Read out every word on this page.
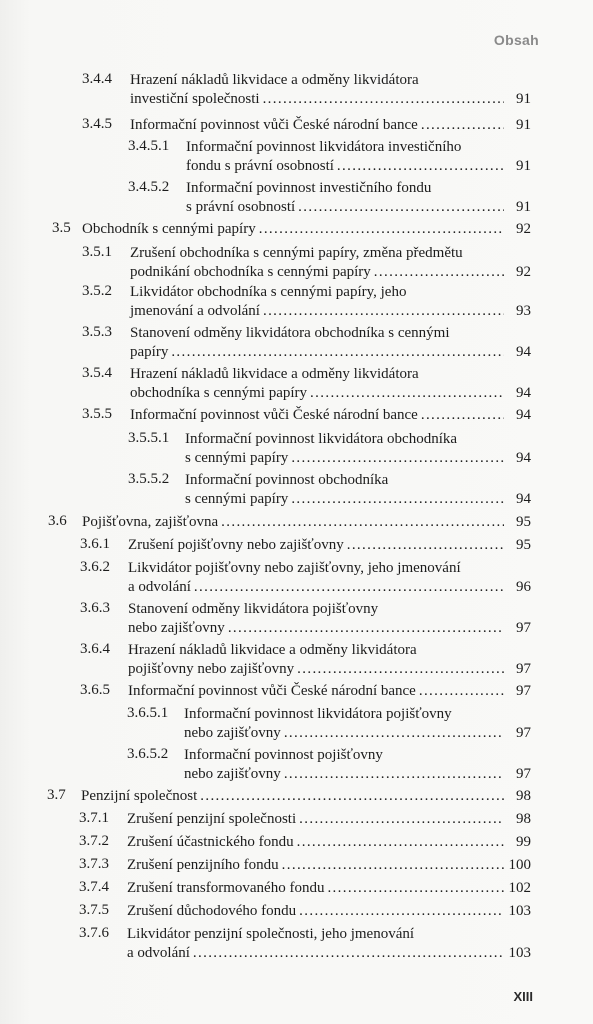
Obsah
3.4.4 Hrazení nákladů likvidace a odměny likvidátora
investiční společnosti . . .	91
3.4.5 Informační povinnost vůči České národní bance . . .	91
3.4.5.1 Informační povinnost likvidátora investičního
fondu s právní osobností . . .	91
3.4.5.2 Informační povinnost investičního fondu
s právní osobností . . .	91
3.5 Obchodník s cennými papíry . . .	92
3.5.1 Zrušení obchodníka s cennými papíry, změna předmětu
podnikání obchodníka s cennými papíry . . .	92
3.5.2 Likvidátor obchodníka s cennými papíry, jeho
jmenování a odvolání . . .	93
3.5.3 Stanovení odměny likvidátora obchodníka s cennými
papíry . . .	94
3.5.4 Hrazení nákladů likvidace a odměny likvidátora
obchodníka s cennými papíry . . .	94
3.5.5 Informační povinnost vůči České národní bance . . .	94
3.5.5.1 Informační povinnost likvidátora obchodníka
s cennými papíry . . .	94
3.5.5.2 Informační povinnost obchodníka
s cennými papíry . . .	94
3.6 Pojišťovna, zajišťovna . . .	95
3.6.1 Zrušení pojišťovny nebo zajišťovny . . .	95
3.6.2 Likvidátor pojišťovny nebo zajišťovny, jeho jmenování
a odvolání . . .	96
3.6.3 Stanovení odměny likvidátora pojišťovny
nebo zajišťovny . . .	97
3.6.4 Hrazení nákladů likvidace a odměny likvidátora
pojišťovny nebo zajišťovny . . .	97
3.6.5 Informační povinnost vůči České národní bance . . .	97
3.6.5.1 Informační povinnost likvidátora pojišťovny
nebo zajišťovny . . .	97
3.6.5.2 Informační povinnost pojišťovny
nebo zajišťovny . . .	97
3.7 Penzijní společnost . . .	98
3.7.1 Zrušení penzijní společnosti . . .	98
3.7.2 Zrušení účastnického fondu . . .	99
3.7.3 Zrušení penzijního fondu . . .	100
3.7.4 Zrušení transformovaného fondu . . .	102
3.7.5 Zrušení důchodového fondu . . .	103
3.7.6 Likvidátor penzijní společnosti, jeho jmenování
a odvolání . . .	103
XIII
